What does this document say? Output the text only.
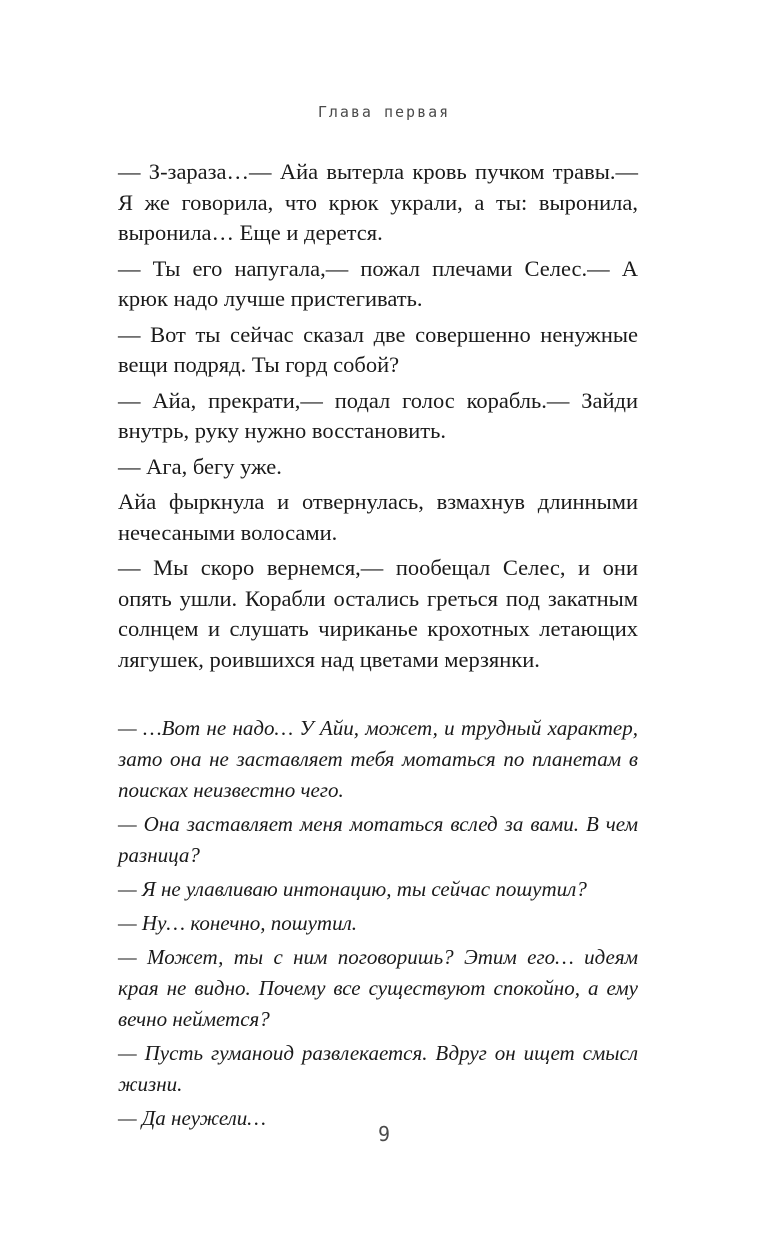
Глава первая

— З-зараза…— Айа вытерла кровь пучком травы.— Я же говорила, что крюк украли, а ты: выронила, выронила… Еще и дерется.

— Ты его напугала,— пожал плечами Селес.— А крюк надо лучше пристегивать.

— Вот ты сейчас сказал две совершенно ненужные вещи подряд. Ты горд собой?

— Айа, прекрати,— подал голос корабль.— Зайди внутрь, руку нужно восстановить.

— Ага, бегу уже.

Айа фыркнула и отвернулась, взмахнув длинными нечесаными волосами.

— Мы скоро вернемся,— пообещал Селес, и они опять ушли. Корабли остались греться под закатным солнцем и слушать чириканье крохотных летающих лягушек, роившихся над цветами мерзянки.

— …Вот не надо… У Айи, может, и трудный характер, зато она не заставляет тебя мотаться по планетам в поисках неизвестно чего.

— Она заставляет меня мотаться вслед за вами. В чем разница?

— Я не улавливаю интонацию, ты сейчас пошутил?

— Ну… конечно, пошутил.

— Может, ты с ним поговоришь? Этим его… идеям края не видно. Почему все существуют спокойно, а ему вечно неймется?

— Пусть гуманоид развлекается. Вдруг он ищет смысл жизни.

— Да неужели…

9
